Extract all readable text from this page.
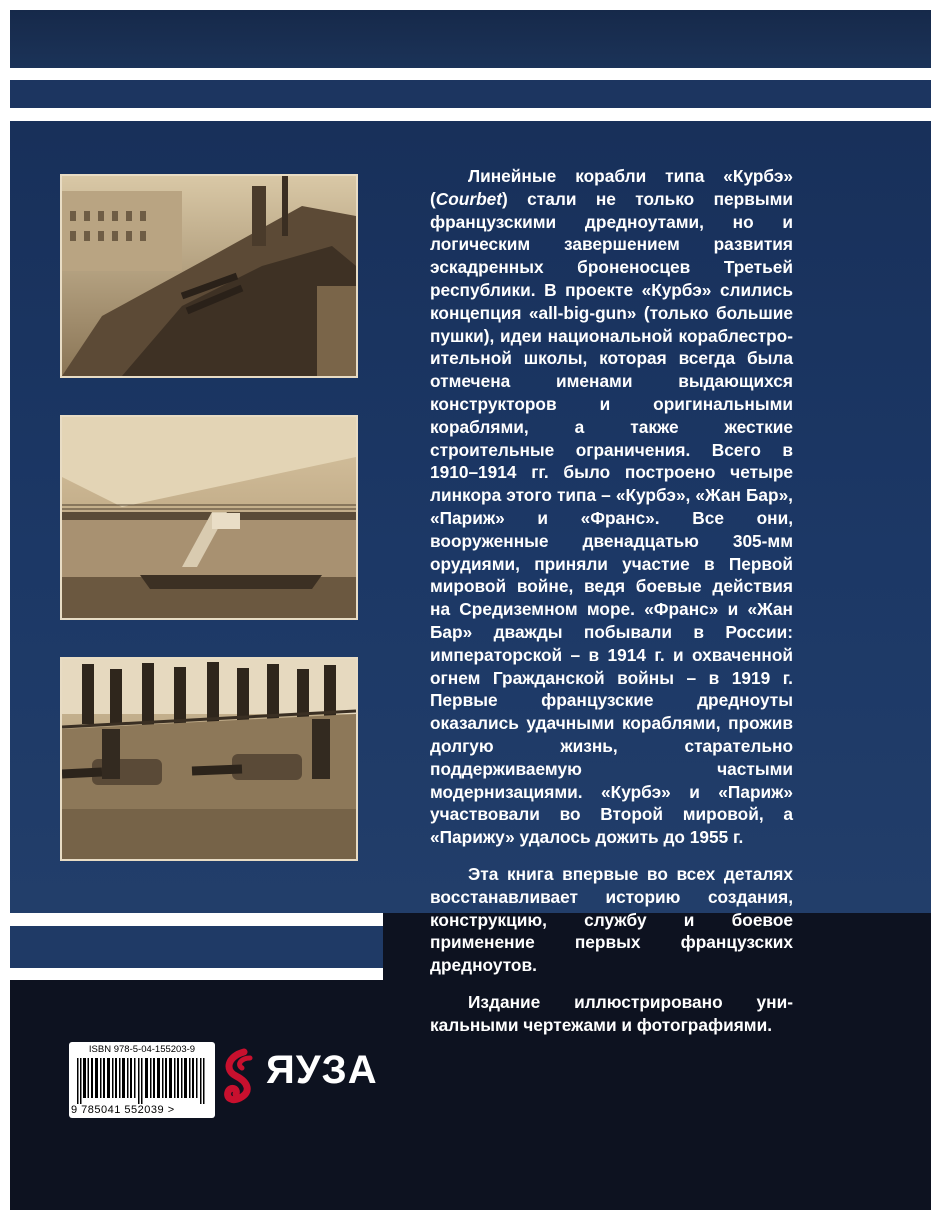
Линейные корабли типа «Курбэ» (Courbet) стали не только первыми французскими дредноутами, но и логическим завершением развития эскадренных броненосцев Третьей республики. В проекте «Курбэ» слились концепция «all-big-gun» (только большие пушки), идеи национальной кораблестроительной школы, которая всегда была отмечена именами выдающихся конструкторов и оригинальными кораблями, а также жесткие строительные ограничения. Всего в 1910–1914 гг. было построено четыре линкора этого типа – «Курбэ», «Жан Бар», «Париж» и «Франс». Все они, вооруженные двенадцатью 305-мм орудиями, приняли участие в Первой мировой войне, ведя боевые действия на Средиземном море. «Франс» и «Жан Бар» дважды побывали в России: императорской – в 1914 г. и охваченной огнем Гражданской войны – в 1919 г. Первые французские дредноуты оказались удачными кораблями, прожив долгую жизнь, старательно поддерживаемую частыми модернизациями. «Курбэ» и «Париж» участвовали во Второй мировой, а «Парижу» удалось дожить до 1955 г.

Эта книга впервые во всех деталях восстанавливает историю создания, конструкцию, службу и боевое применение первых французских дредноутов.

Издание иллюстрировано уникальными чертежами и фотографиями.

ISBN 978-5-04-155203-9
9 785041 552039 >
ЯУЗА
